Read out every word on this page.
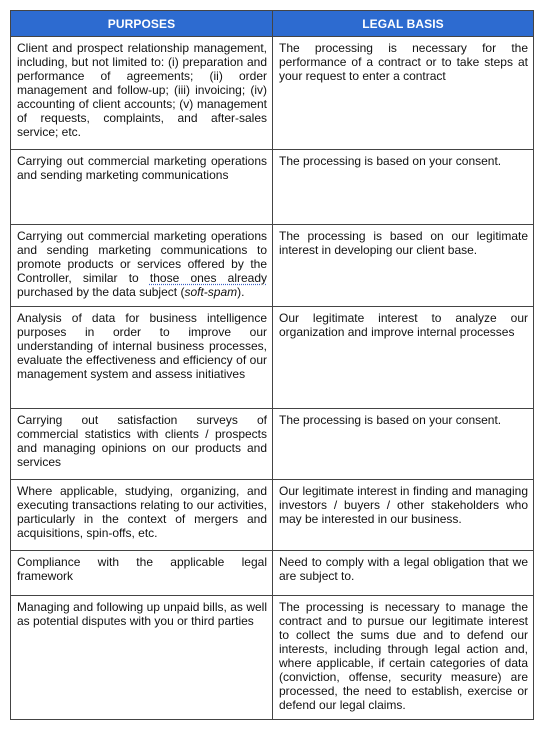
PURPOSES	LEGAL BASIS

Client and prospect relationship management, including, but not limited to: (i) preparation and performance of agreements; (ii) order management and follow-up; (iii) invoicing; (iv) accounting of client accounts; (v) management of requests, complaints, and after-sales service; etc.	The processing is necessary for the performance of a contract or to take steps at your request to enter a contract

Carrying out commercial marketing operations and sending marketing communications	The processing is based on your consent.

Carrying out commercial marketing operations and sending marketing communications to promote products or services offered by the Controller, similar to those ones already purchased by the data subject (soft-spam).	The processing is based on our legitimate interest in developing our client base.

Analysis of data for business intelligence purposes in order to improve our understanding of internal business processes, evaluate the effectiveness and efficiency of our management system and assess initiatives	Our legitimate interest to analyze our organization and improve internal processes

Carrying out satisfaction surveys of commercial statistics with clients / prospects and managing opinions on our products and services	The processing is based on your consent.

Where applicable, studying, organizing, and executing transactions relating to our activities, particularly in the context of mergers and acquisitions, spin-offs, etc.	Our legitimate interest in finding and managing investors / buyers / other stakeholders who may be interested in our business.

Compliance with the applicable legal framework	Need to comply with a legal obligation that we are subject to.

Managing and following up unpaid bills, as well as potential disputes with you or third parties	The processing is necessary to manage the contract and to pursue our legitimate interest to collect the sums due and to defend our interests, including through legal action and, where applicable, if certain categories of data (conviction, offense, security measure) are processed, the need to establish, exercise or defend our legal claims.
